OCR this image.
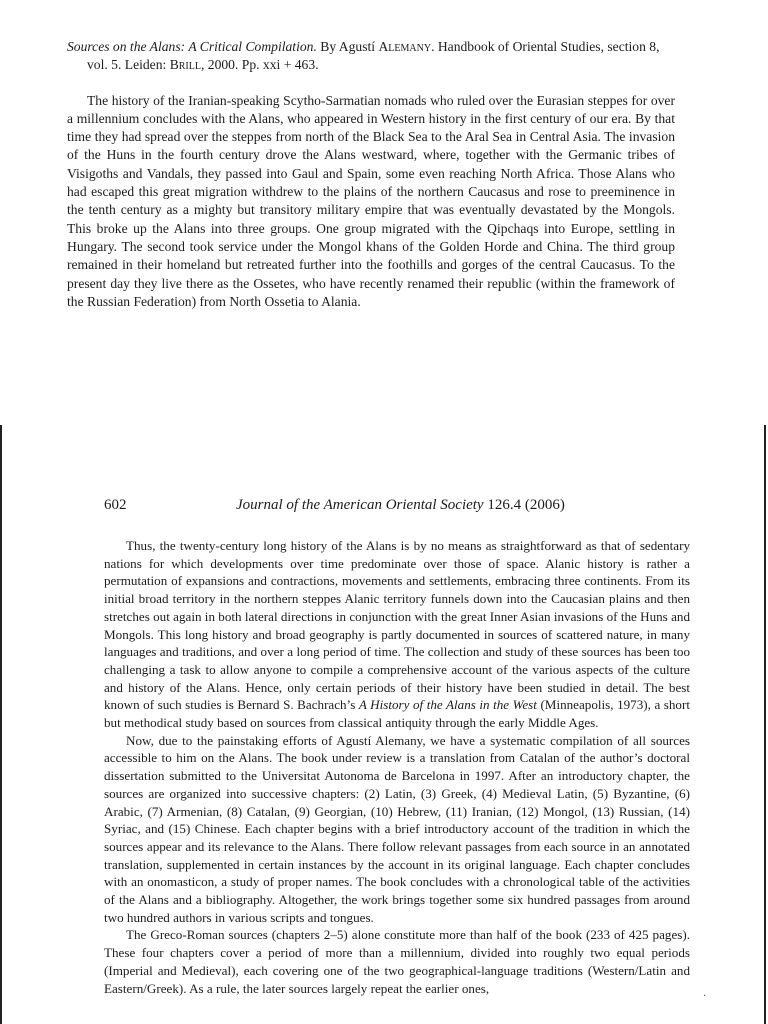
Sources on the Alans: A Critical Compilation. By Agustí Alemany. Handbook of Oriental Studies, section 8, vol. 5. Leiden: Brill, 2000. Pp. xxi + 463.

The history of the Iranian-speaking Scytho-Sarmatian nomads who ruled over the Eurasian steppes for over a millennium concludes with the Alans, who appeared in Western history in the first century of our era. By that time they had spread over the steppes from north of the Black Sea to the Aral Sea in Central Asia. The invasion of the Huns in the fourth century drove the Alans westward, where, together with the Germanic tribes of Visigoths and Vandals, they passed into Gaul and Spain, some even reaching North Africa. Those Alans who had escaped this great migration withdrew to the plains of the northern Caucasus and rose to preeminence in the tenth century as a mighty but transitory military empire that was eventually devastated by the Mongols. This broke up the Alans into three groups. One group migrated with the Qipchaqs into Europe, settling in Hungary. The second took service under the Mongol khans of the Golden Horde and China. The third group remained in their homeland but retreated further into the foothills and gorges of the central Caucasus. To the present day they live there as the Ossetes, who have recently renamed their republic (within the framework of the Russian Federation) from North Ossetia to Alania.

602	Journal of the American Oriental Society 126.4 (2006)

Thus, the twenty-century long history of the Alans is by no means as straightforward as that of sedentary nations for which developments over time predominate over those of space. Alanic history is rather a permutation of expansions and contractions, movements and settlements, embracing three continents. From its initial broad territory in the northern steppes Alanic territory funnels down into the Caucasian plains and then stretches out again in both lateral directions in conjunction with the great Inner Asian invasions of the Huns and Mongols. This long history and broad geography is partly documented in sources of scattered nature, in many languages and traditions, and over a long period of time. The collection and study of these sources has been too challenging a task to allow anyone to compile a comprehensive account of the various aspects of the culture and history of the Alans. Hence, only certain periods of their history have been studied in detail. The best known of such studies is Bernard S. Bachrach’s A History of the Alans in the West (Minneapolis, 1973), a short but methodical study based on sources from classical antiquity through the early Middle Ages.

Now, due to the painstaking efforts of Agustí Alemany, we have a systematic compilation of all sources accessible to him on the Alans. The book under review is a translation from Catalan of the author’s doctoral dissertation submitted to the Universitat Autonoma de Barcelona in 1997. After an introductory chapter, the sources are organized into successive chapters: (2) Latin, (3) Greek, (4) Medieval Latin, (5) Byzantine, (6) Arabic, (7) Armenian, (8) Catalan, (9) Georgian, (10) Hebrew, (11) Iranian, (12) Mongol, (13) Russian, (14) Syriac, and (15) Chinese. Each chapter begins with a brief introductory account of the tradition in which the sources appear and its relevance to the Alans. There follow relevant passages from each source in an annotated translation, supplemented in certain instances by the account in its original language. Each chapter concludes with an onomasticon, a study of proper names. The book concludes with a chronological table of the activities of the Alans and a bibliography. Altogether, the work brings together some six hundred passages from around two hundred authors in various scripts and tongues.

The Greco-Roman sources (chapters 2–5) alone constitute more than half of the book (233 of 425 pages). These four chapters cover a period of more than a millennium, divided into roughly two equal periods (Imperial and Medieval), each covering one of the two geographical-language traditions (Western/Latin and Eastern/Greek). As a rule, the later sources largely repeat the earlier ones,

·
